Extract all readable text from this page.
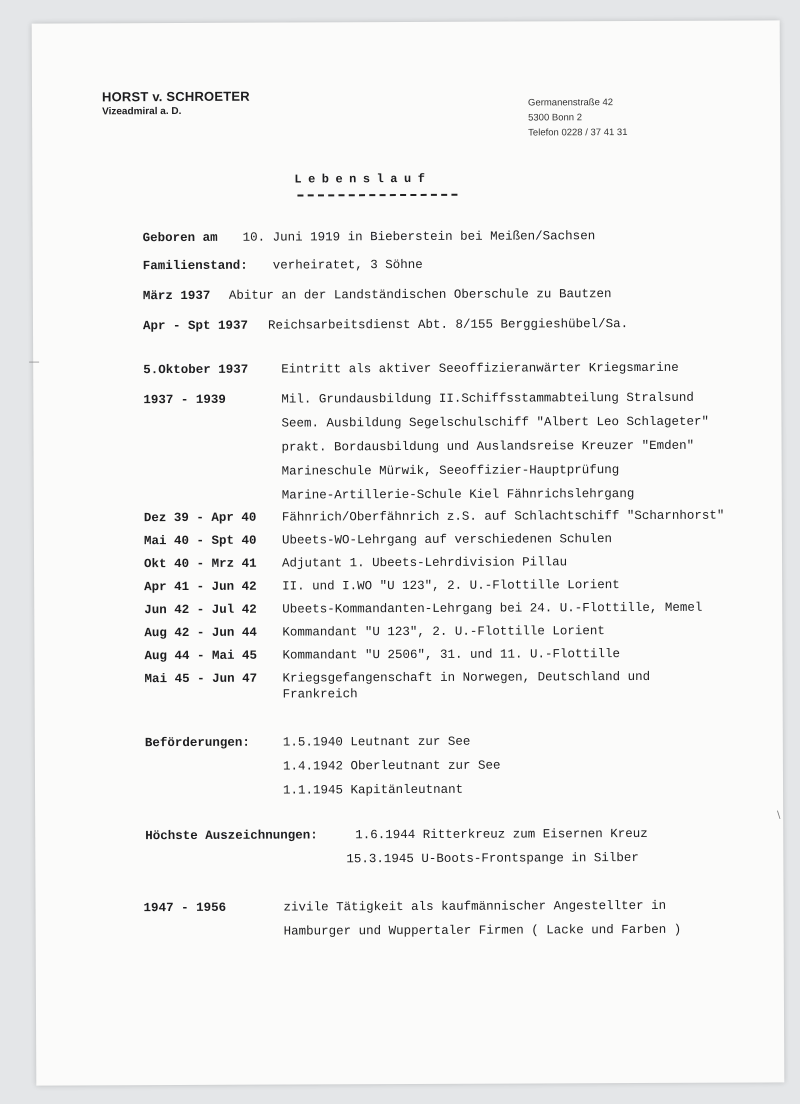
HORST v. SCHROETER
Vizeadmiral a. D.
Germanenstraße 42
5300 Bonn 2
Telefon 0228 / 37 41 31
Lebenslauf
Geboren am 10. Juni 1919 in Bieberstein bei Meißen/Sachsen
Familienstand: verheiratet, 3 Söhne
März 1937 Abitur an der Landständischen Oberschule zu Bautzen
Apr - Spt 1937 Reichsarbeitsdienst Abt. 8/155 Berggieshübel/Sa.
5.Oktober 1937	Eintritt als aktiver Seeoffizieranwärter Kriegsmarine
1937 - 1939	Mil. Grundausbildung II.Schiffsstammabteilung Stralsund
Seem. Ausbildung Segelschulschiff "Albert Leo Schlageter"
prakt. Bordausbildung und Auslandsreise Kreuzer "Emden"
Marineschule Mürwik, Seeoffizier-Hauptprüfung
Marine-Artillerie-Schule Kiel Fähnrichslehrgang
Dez 39 - Apr 40 Fähnrich/Oberfähnrich z.S. auf Schlachtschiff "Scharnhorst"
Mai 40 - Spt 40 Ubeets-WO-Lehrgang auf verschiedenen Schulen
Okt 40 - Mrz 41 Adjutant 1. Ubeets-Lehrdivision Pillau
Apr 41 - Jun 42 II. und I.WO "U 123", 2. U.-Flottille Lorient
Jun 42 - Jul 42 Ubeets-Kommandanten-Lehrgang bei 24. U.-Flottille, Memel
Aug 42 - Jun 44 Kommandant "U 123", 2. U.-Flottille Lorient
Aug 44 - Mai 45 Kommandant "U 2506", 31. und 11. U.-Flottille
Mai 45 - Jun 47 Kriegsgefangenschaft in Norwegen, Deutschland und
Frankreich
Beförderungen:	1.5.1940 Leutnant zur See
1.4.1942 Oberleutnant zur See
1.1.1945 Kapitänleutnant
Höchste Auszeichnungen:	1.6.1944 Ritterkreuz zum Eisernen Kreuz
15.3.1945 U-Boots-Frontspange in Silber
1947 - 1956	zivile Tätigkeit als kaufmännischer Angestellter in
Hamburger und Wuppertaler Firmen ( Lacke und Farben )
—
∖
